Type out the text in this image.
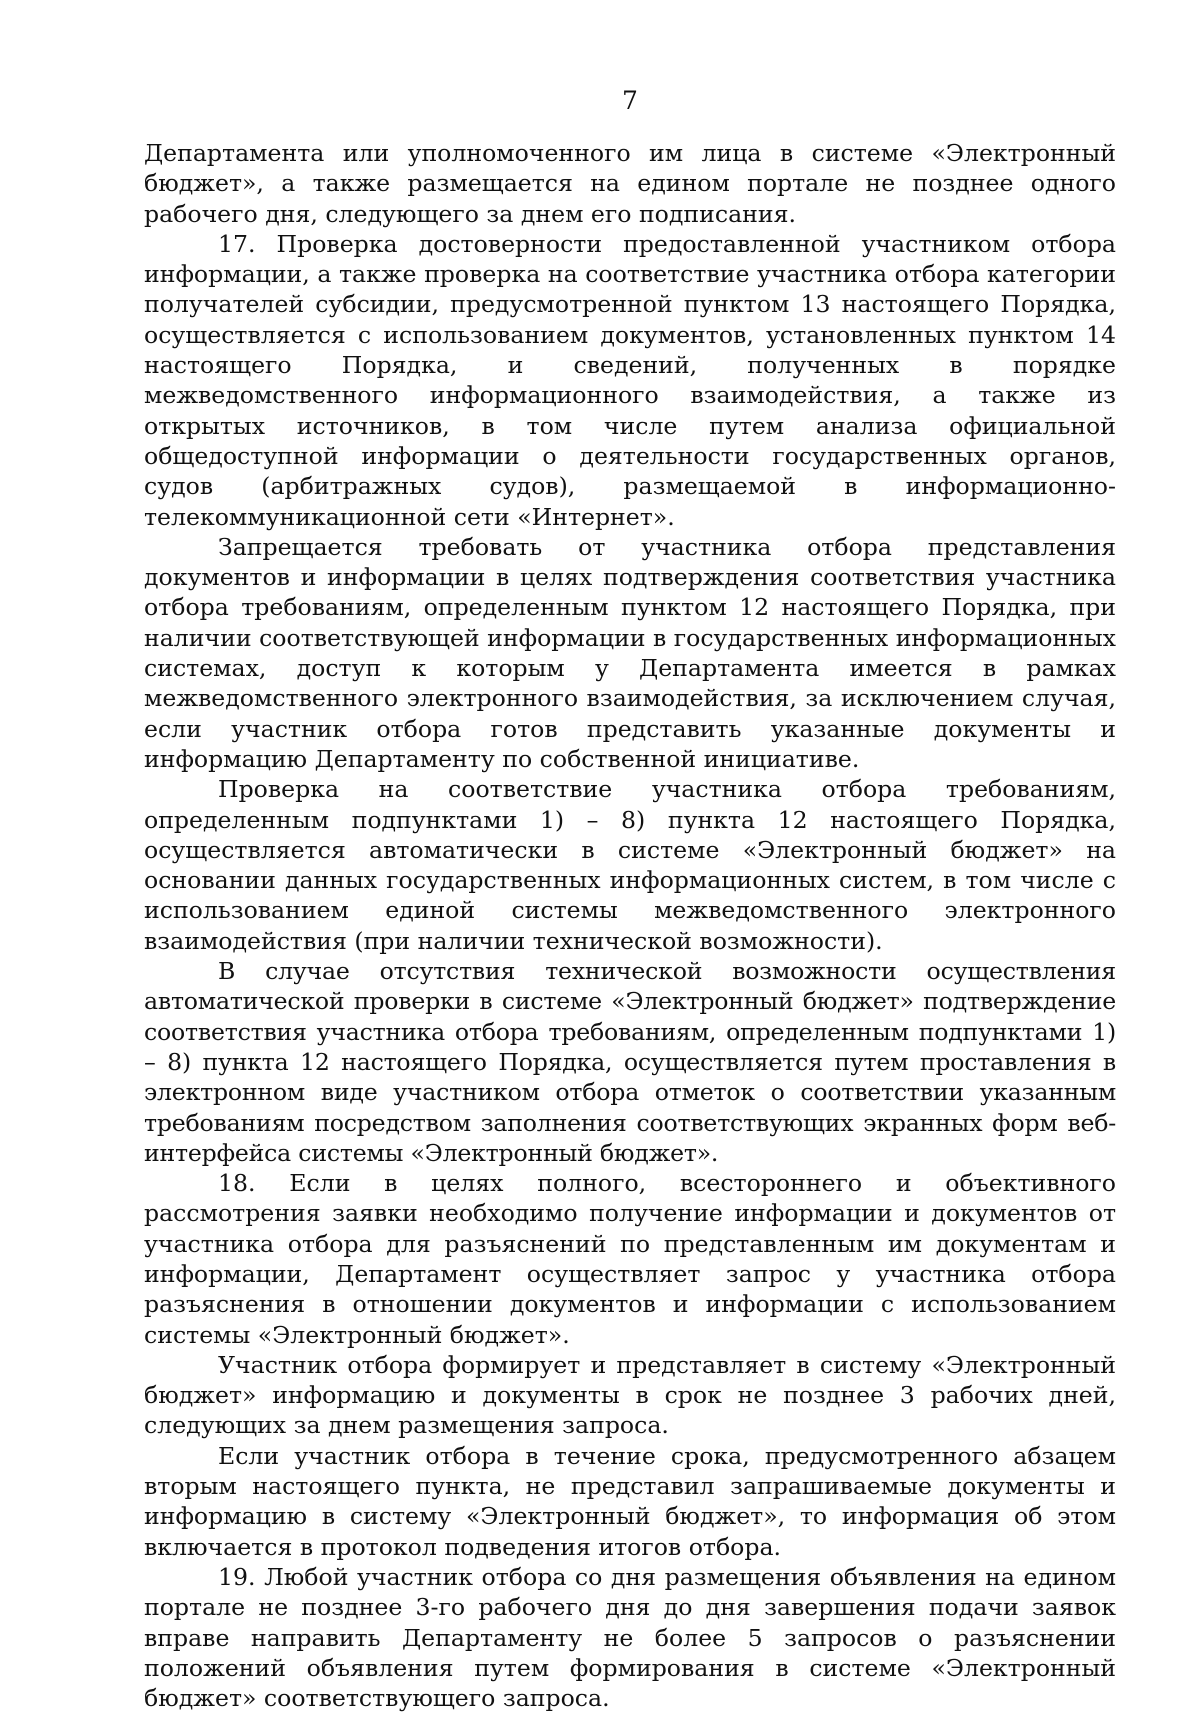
7

Департамента или уполномоченного им лица в системе «Электронный бюджет», а также размещается на едином портале не позднее одного рабочего дня, следующего за днем его подписания.

17. Проверка достоверности предоставленной участником отбора информации, а также проверка на соответствие участника отбора категории получателей субсидии, предусмотренной пунктом 13 настоящего Порядка, осуществляется с использованием документов, установленных пунктом 14 настоящего Порядка, и сведений, полученных в порядке межведомственного информационного взаимодействия, а также из открытых источников, в том числе путем анализа официальной общедоступной информации о деятельности государственных органов, судов (арбитражных судов), размещаемой в информационно-телекоммуникационной сети «Интернет».

Запрещается требовать от участника отбора представления документов и информации в целях подтверждения соответствия участника отбора требованиям, определенным пунктом 12 настоящего Порядка, при наличии соответствующей информации в государственных информационных системах, доступ к которым у Департамента имеется в рамках межведомственного электронного взаимодействия, за исключением случая, если участник отбора готов представить указанные документы и информацию Департаменту по собственной инициативе.

Проверка на соответствие участника отбора требованиям, определенным подпунктами 1) – 8) пункта 12 настоящего Порядка, осуществляется автоматически в системе «Электронный бюджет» на основании данных государственных информационных систем, в том числе с использованием единой системы межведомственного электронного взаимодействия (при наличии технической возможности).

В случае отсутствия технической возможности осуществления автоматической проверки в системе «Электронный бюджет» подтверждение соответствия участника отбора требованиям, определенным подпунктами 1) – 8) пункта 12 настоящего Порядка, осуществляется путем проставления в электронном виде участником отбора отметок о соответствии указанным требованиям посредством заполнения соответствующих экранных форм веб-интерфейса системы «Электронный бюджет».

18. Если в целях полного, всестороннего и объективного рассмотрения заявки необходимо получение информации и документов от участника отбора для разъяснений по представленным им документам и информации, Департамент осуществляет запрос у участника отбора разъяснения в отношении документов и информации с использованием системы «Электронный бюджет».

Участник отбора формирует и представляет в систему «Электронный бюджет» информацию и документы в срок не позднее 3 рабочих дней, следующих за днем размещения запроса.

Если участник отбора в течение срока, предусмотренного абзацем вторым настоящего пункта, не представил запрашиваемые документы и информацию в систему «Электронный бюджет», то информация об этом включается в протокол подведения итогов отбора.

19. Любой участник отбора со дня размещения объявления на едином портале не позднее 3-го рабочего дня до дня завершения подачи заявок вправе направить Департаменту не более 5 запросов о разъяснении положений объявления путем формирования в системе «Электронный бюджет» соответствующего запроса.
